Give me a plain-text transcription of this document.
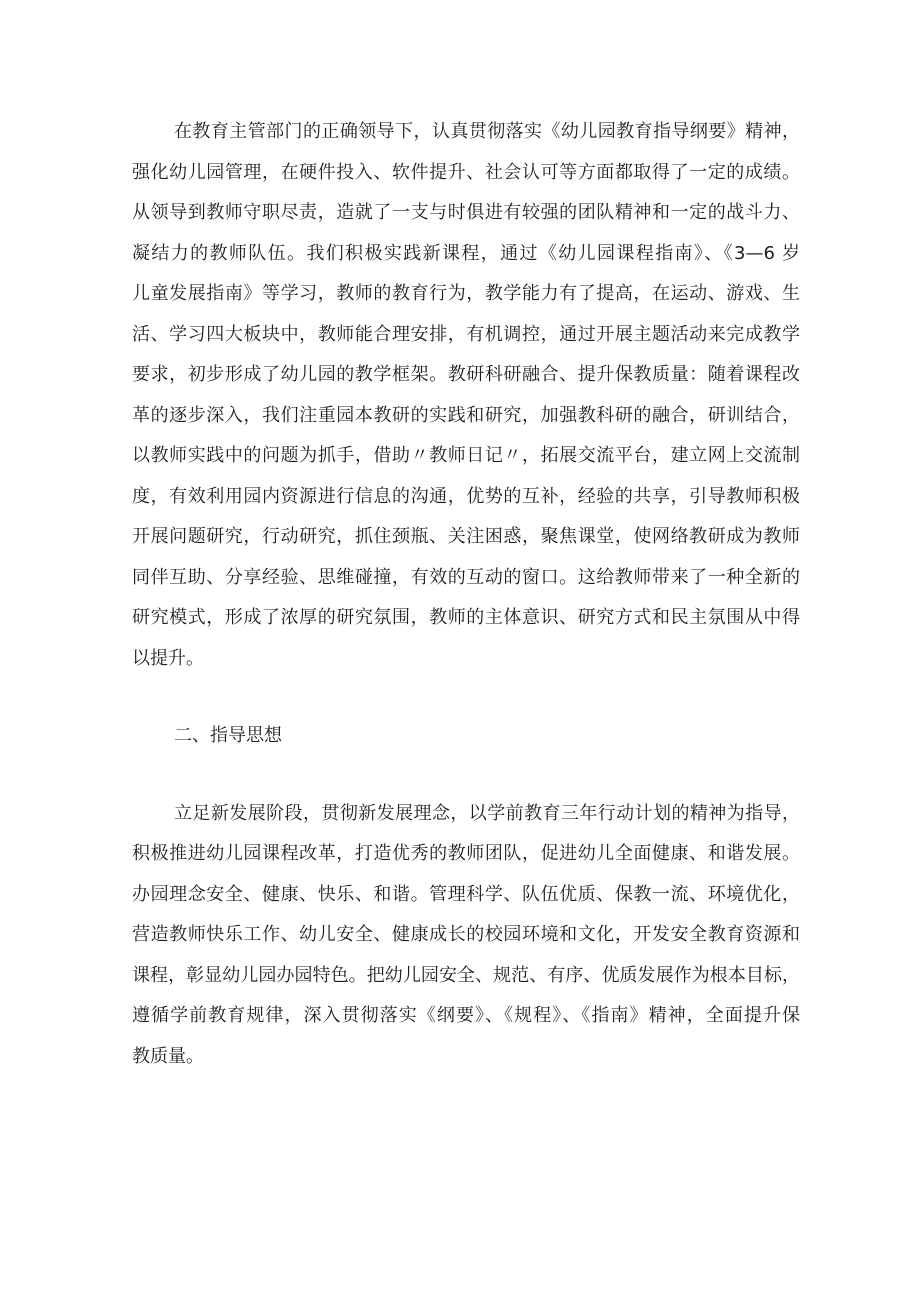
在教育主管部门的正确领导下，认真贯彻落实《幼儿园教育指导纲要》精神，
强化幼儿园管理，在硬件投入、软件提升、社会认可等方面都取得了一定的成绩。
从领导到教师守职尽责，造就了一支与时俱进有较强的团队精神和一定的战斗力、
凝结力的教师队伍。我们积极实践新课程，通过《幼儿园课程指南》、《3—6 岁
儿童发展指南》等学习，教师的教育行为，教学能力有了提高，在运动、游戏、生
活、学习四大板块中，教师能合理安排，有机调控，通过开展主题活动来完成教学
要求，初步形成了幼儿园的教学框架。教研科研融合、提升保教质量：随着课程改
革的逐步深入，我们注重园本教研的实践和研究，加强教科研的融合，研训结合，
以教师实践中的问题为抓手，借助〃教师日记〃，拓展交流平台，建立网上交流制
度，有效利用园内资源进行信息的沟通，优势的互补，经验的共享，引导教师积极
开展问题研究，行动研究，抓住颈瓶、关注困惑，聚焦课堂，使网络教研成为教师
同伴互助、分享经验、思维碰撞，有效的互动的窗口。这给教师带来了一种全新的
研究模式，形成了浓厚的研究氛围，教师的主体意识、研究方式和民主氛围从中得
以提升。

二、指导思想

立足新发展阶段，贯彻新发展理念，以学前教育三年行动计划的精神为指导，
积极推进幼儿园课程改革，打造优秀的教师团队，促进幼儿全面健康、和谐发展。
办园理念安全、健康、快乐、和谐。管理科学、队伍优质、保教一流、环境优化，
营造教师快乐工作、幼儿安全、健康成长的校园环境和文化，开发安全教育资源和
课程，彰显幼儿园办园特色。把幼儿园安全、规范、有序、优质发展作为根本目标，
遵循学前教育规律，深入贯彻落实《纲要》、《规程》、《指南》精神，全面提升保
教质量。
